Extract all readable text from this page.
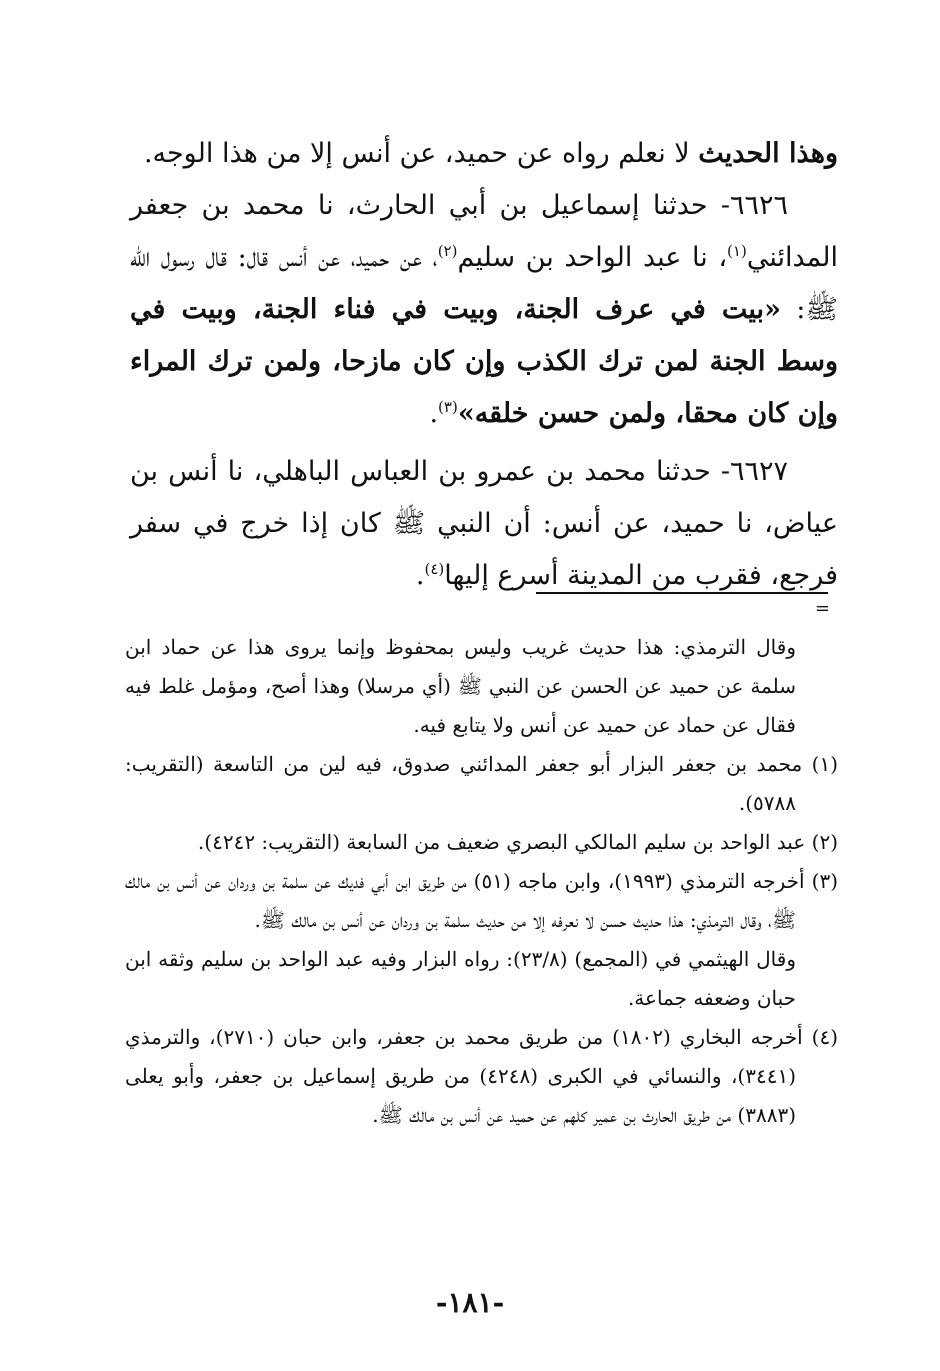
وهذا الحديث لا نعلم رواه عن حميد، عن أنس إلا من هذا الوجه.

٦٦٢٦- حدثنا إسماعيل بن أبي الحارث، نا محمد بن جعفر المدائني$^{(١)}$، نا عبد الواحد بن سليم$^{(٢)}$، عن حميد، عن أنس قال: قال رسول الله ﷺ: «بيت في عرف الجنة، وبيت في فناء الجنة، وبيت في وسط الجنة لمن ترك الكذب وإن كان مازحا، ولمن ترك المراء وإن كان محقا، ولمن حسن خلقه»$^{(٣)}$.

٦٦٢٧- حدثنا محمد بن عمرو بن العباس الباهلي، نا أنس بن عياض، نا حميد، عن أنس: أن النبي ﷺ كان إذا خرج في سفر فرجع، فقرب من المدينة أسرع إليها$^{(٤)}$.

=

وقال الترمذي: هذا حديث غريب وليس بمحفوظ وإنما يروى هذا عن حماد ابن سلمة عن حميد عن الحسن عن النبي ﷺ (أي مرسلا) وهذا أصح، ومؤمل غلط فيه فقال عن حماد عن حميد عن أنس ولا يتابع فيه.

(١) محمد بن جعفر البزار أبو جعفر المدائني صدوق، فيه لين من التاسعة (التقريب: ٥٧٨٨).

(٢) عبد الواحد بن سليم المالكي البصري ضعيف من السابعة (التقريب: ٤٢٤٢).

(٣) أخرجه الترمذي (١٩٩٣)، وابن ماجه (٥١) من طريق ابن أبي فديك عن سلمة بن وردان عن أنس بن مالك ﷺ، وقال الترمذي: هذا حديث حسن لا نعرفه إلا من حديث سلمة بن وردان عن أنس بن مالك ﷺ.

وقال الهيثمي في (المجمع) (٢٣/٨): رواه البزار وفيه عبد الواحد بن سليم وثقه ابن حبان وضعفه جماعة.

(٤) أخرجه البخاري (١٨٠٢) من طريق محمد بن جعفر، وابن حبان (٢٧١٠)، والترمذي (٣٤٤١)، والنسائي في الكبرى (٤٢٤٨) من طريق إسماعيل بن جعفر، وأبو يعلى (٣٨٨٣) من طريق الحارث بن عمير كلهم عن حميد عن أنس بن مالك ﷺ.

-١٨١-
